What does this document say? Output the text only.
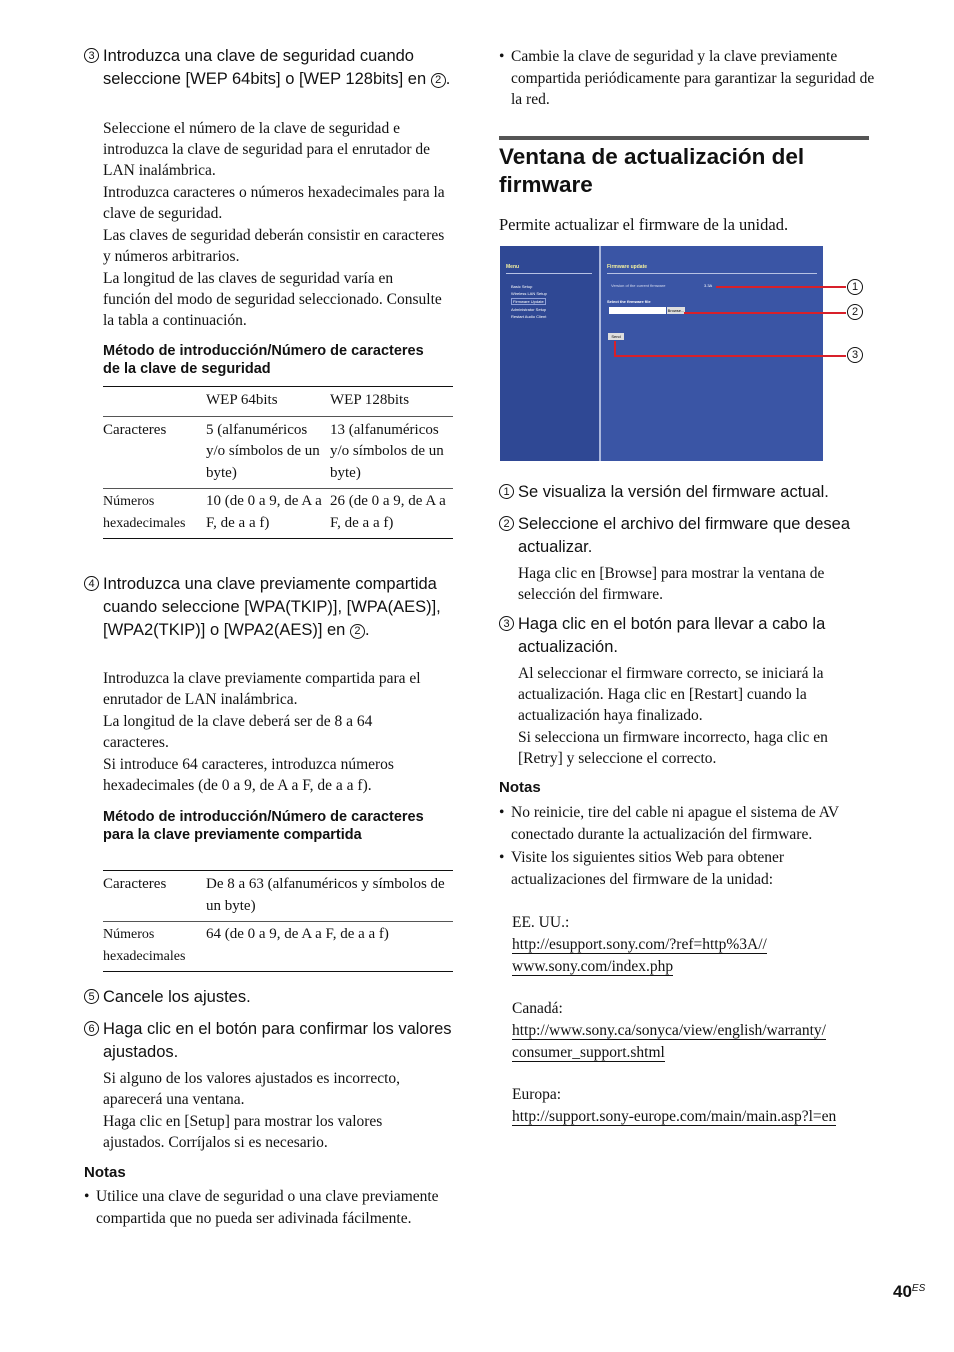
3 Introduzca una clave de seguridad cuando seleccione [WEP 64bits] o [WEP 128bits] en 2 .
Seleccione el número de la clave de seguridad e introduzca la clave de seguridad para el enrutador de LAN inalámbrica.
Introduzca caracteres o números hexadecimales para la clave de seguridad.
Las claves de seguridad deberán consistir en caracteres y números arbitrarios.
La longitud de las claves de seguridad varía en función del modo de seguridad seleccionado. Consulte la tabla a continuación.
Método de introducción/Número de caracteres de la clave de seguridad
	WEP 64bits	WEP 128bits
Caracteres	5 (alfanuméricos y/o símbolos de un byte)	13 (alfanuméricos y/o símbolos de un byte)
Números hexadecimales	10 (de 0 a 9, de A a F, de a a f)	26 (de 0 a 9, de A a F, de a a f)
4 Introduzca una clave previamente compartida cuando seleccione [WPA(TKIP)], [WPA(AES)], [WPA2(TKIP)] o [WPA2(AES)] en 2 .
Introduzca la clave previamente compartida para el enrutador de LAN inalámbrica.
La longitud de la clave deberá ser de 8 a 64 caracteres.
Si introduce 64 caracteres, introduzca números hexadecimales (de 0 a 9, de A a F, de a a f).
Método de introducción/Número de caracteres para la clave previamente compartida
Caracteres	De 8 a 63 (alfanuméricos y símbolos de un byte)
Números hexadecimales	64 (de 0 a 9, de A a F, de a a f)
5 Cancele los ajustes.
6 Haga clic en el botón para confirmar los valores ajustados.
Si alguno de los valores ajustados es incorrecto, aparecerá una ventana.
Haga clic en [Setup] para mostrar los valores ajustados. Corríjalos si es necesario.
Notas
• Utilice una clave de seguridad o una clave previamente compartida que no pueda ser adivinada fácilmente.
• Cambie la clave de seguridad y la clave previamente compartida periódicamente para garantizar la seguridad de la red.
Ventana de actualización del firmware
Permite actualizar el firmware de la unidad.
Menu
Basic Setup
Wireless LAN Setup
Firmware Update
Administrator Setup
Restart Audio Client
Firmware update
Version of the current firmware	3.3A
Select the firmware file
Browse...
Send
1
2
3
1 Se visualiza la versión del firmware actual.
2 Seleccione el archivo del firmware que desea actualizar.
Haga clic en [Browse] para mostrar la ventana de selección del firmware.
3 Haga clic en el botón para llevar a cabo la actualización.
Al seleccionar el firmware correcto, se iniciará la actualización. Haga clic en [Restart] cuando la actualización haya finalizado.
Si selecciona un firmware incorrecto, haga clic en [Retry] y seleccione el correcto.
Notas
• No reinicie, tire del cable ni apague el sistema de AV conectado durante la actualización del firmware.
• Visite los siguientes sitios Web para obtener actualizaciones del firmware de la unidad:
EE. UU.:
http://esupport.sony.com/?ref=http%3A//
www.sony.com/index.php
Canadá:
http://www.sony.ca/sonyca/view/english/warranty/
consumer_support.shtml
Europa:
http://support.sony-europe.com/main/main.asp?l=en
$40^{ES}$
